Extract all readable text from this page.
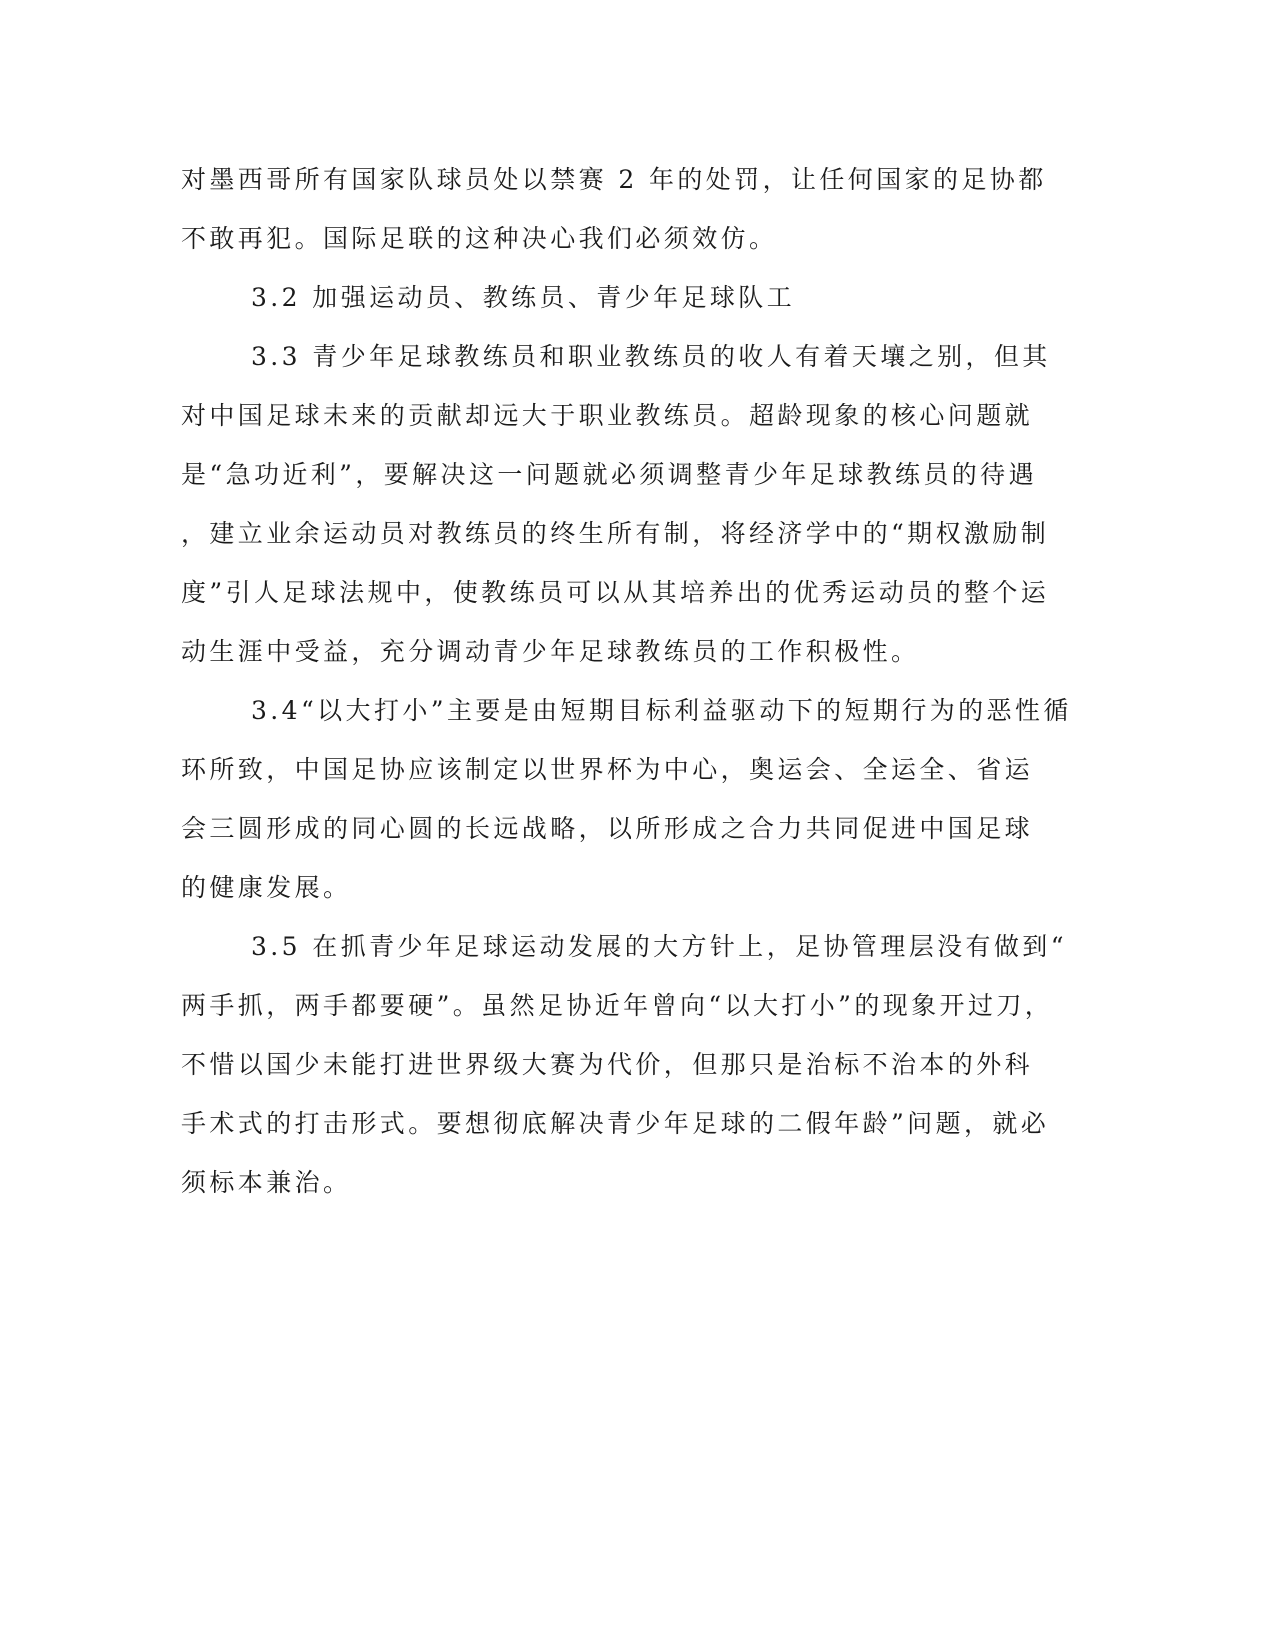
对墨西哥所有国家队球员处以禁赛 2 年的处罚，让任何国家的足协都
不敢再犯。国际足联的这种决心我们必须效仿。
3.2 加强运动员、教练员、青少年足球队工
3.3 青少年足球教练员和职业教练员的收人有着天壤之别，但其
对中国足球未来的贡献却远大于职业教练员。超龄现象的核心问题就
是“急功近利”，要解决这一问题就必须调整青少年足球教练员的待遇
，建立业余运动员对教练员的终生所有制，将经济学中的“期权激励制
度”引人足球法规中，使教练员可以从其培养出的优秀运动员的整个运
动生涯中受益，充分调动青少年足球教练员的工作积极性。
3.4“以大打小”主要是由短期目标利益驱动下的短期行为的恶性循
环所致，中国足协应该制定以世界杯为中心，奥运会、全运全、省运
会三圆形成的同心圆的长远战略，以所形成之合力共同促进中国足球
的健康发展。
3.5 在抓青少年足球运动发展的大方针上，足协管理层没有做到“
两手抓，两手都要硬”。虽然足协近年曾向“以大打小”的现象开过刀，
不惜以国少未能打进世界级大赛为代价，但那只是治标不治本的外科
手术式的打击形式。要想彻底解决青少年足球的二假年龄”问题，就必
须标本兼治。
